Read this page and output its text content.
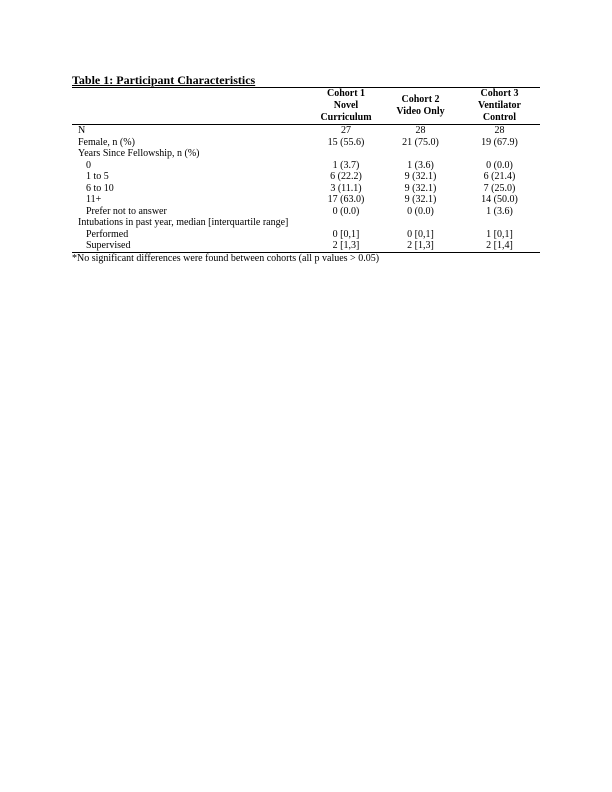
Table 1: Participant Characteristics

	Cohort 1
Novel
Curriculum	Cohort 2
Video Only	Cohort 3
Ventilator
Control

N	27	28	28
Female, n (%)	15 (55.6)	21 (75.0)	19 (67.9)
Years Since Fellowship, n (%)			
0	1 (3.7)	1 (3.6)	0 (0.0)
1 to 5	6 (22.2)	9 (32.1)	6 (21.4)
6 to 10	3 (11.1)	9 (32.1)	7 (25.0)
11+	17 (63.0)	9 (32.1)	14 (50.0)
Prefer not to answer	0 (0.0)	0 (0.0)	1 (3.6)
Intubations in past year, median [interquartile range]			
Performed	0 [0,1]	0 [0,1]	1 [0,1]
Supervised	2 [1,3]	2 [1,3]	2 [1,4]
*No significant differences were found between cohorts (all p values > 0.05)
